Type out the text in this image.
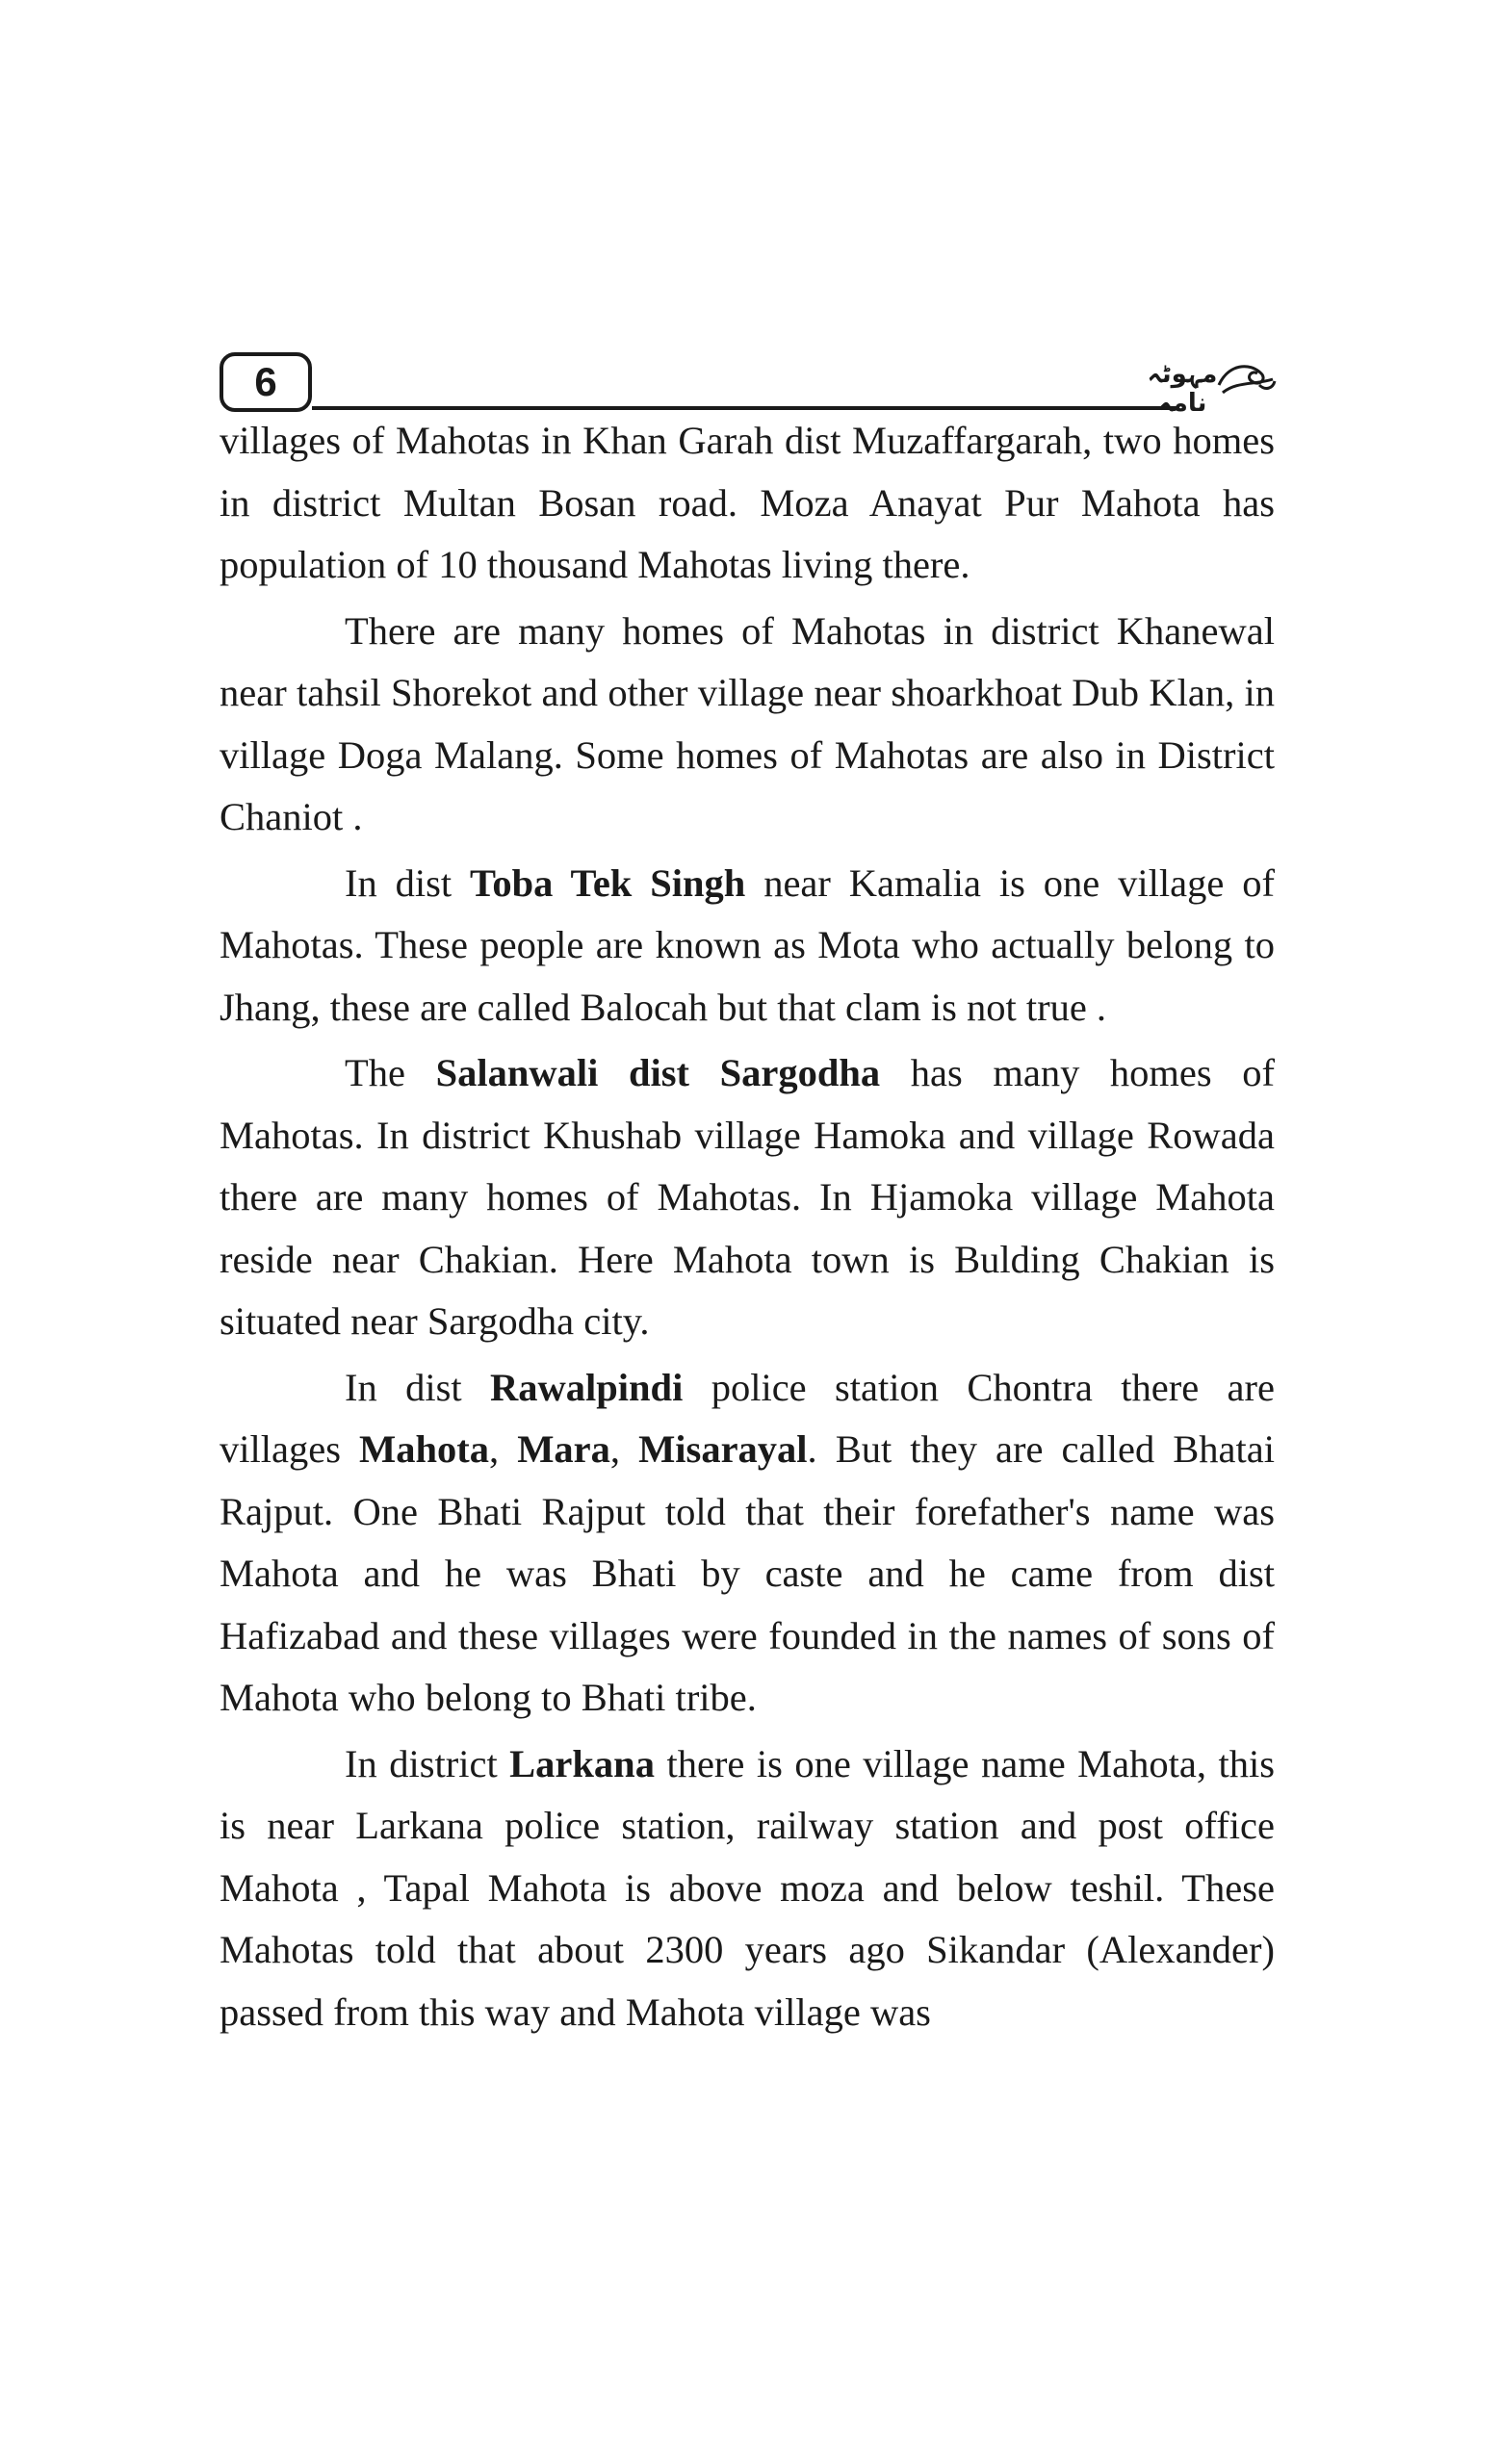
6	مہوٹہ نامہ

villages of Mahotas in Khan Garah dist Muzaffargarah, two homes in district Multan Bosan road. Moza Anayat Pur Mahota has population of 10 thousand Mahotas living there.

There are many homes of Mahotas in district Khanewal near tahsil Shorekot and other village near shoarkhoat Dub Klan, in village Doga Malang. Some homes of Mahotas are also in District Chaniot .

In dist Toba Tek Singh near Kamalia is one village of Mahotas. These people are known as Mota who actually belong to Jhang, these are called Balocah but that clam is not true .

The Salanwali dist Sargodha has many homes of Mahotas. In district Khushab village Hamoka and village Rowada there are many homes of Mahotas. In Hjamoka village Mahota reside near Chakian. Here Mahota town is Bulding Chakian is situated near Sargodha city.

In dist Rawalpindi police station Chontra there are villages Mahota, Mara, Misarayal. But they are called Bhatai Rajput. One Bhati Rajput told that their forefather's name was Mahota and he was Bhati by caste and he came from dist Hafizabad and these villages were founded in the names of sons of Mahota who belong to Bhati tribe.

In district Larkana there is one village name Mahota, this is near Larkana police station, railway station and post office Mahota , Tapal Mahota is above moza and below teshil. These Mahotas told that about 2300 years ago Sikandar (Alexander) passed from this way and Mahota village was
